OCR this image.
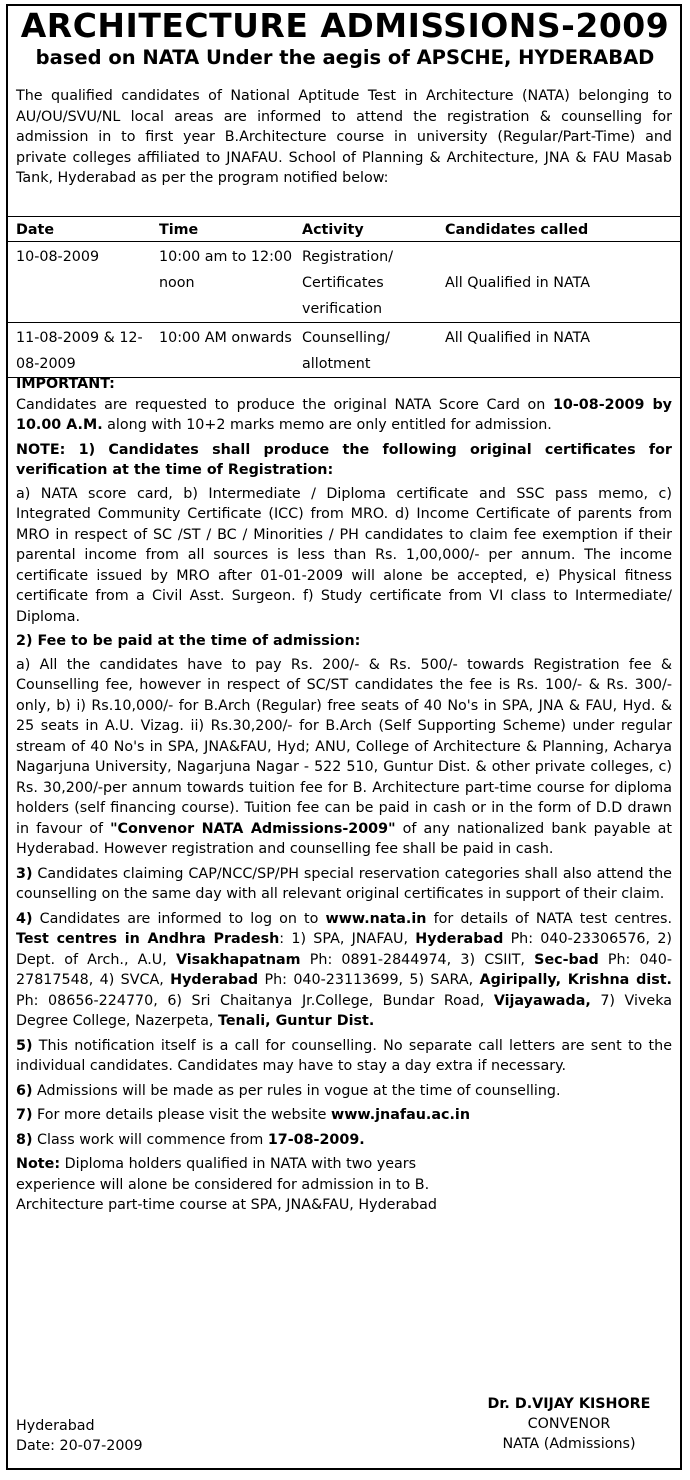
ARCHITECTURE ADMISSIONS-2009
based on NATA Under the aegis of APSCHE, HYDERABAD
The qualified candidates of National Aptitude Test in Architecture (NATA) belonging to AU/OU/SVU/NL local areas are informed to attend the registration & counselling for admission in to first year B.Architecture course in university (Regular/Part-Time) and private colleges affiliated to JNAFAU. School of Planning & Architecture, JNA & FAU Masab Tank, Hyderabad as per the program notified below:
Date	Time	Activity	Candidates called
10-08-2009	10:00 am to 12:00 noon	Registration/ Certificates verification	All Qualified in NATA
11-08-2009 & 12-08-2009	10:00 AM onwards	Counselling/ allotment	All Qualified in NATA

IMPORTANT:

Candidates are requested to produce the original NATA Score Card on 10-08-2009 by 10.00 A.M. along with 10+2 marks memo are only entitled for admission.

NOTE: 1) Candidates shall produce the following original certificates for verification at the time of Registration:

a) NATA score card, b) Intermediate / Diploma certificate and SSC pass memo, c) Integrated Community Certificate (ICC) from MRO. d) Income Certificate of parents from MRO in respect of SC /ST / BC / Minorities / PH candidates to claim fee exemption if their parental income from all sources is less than Rs. 1,00,000/- per annum. The income certificate issued by MRO after 01-01-2009 will alone be accepted, e) Physical fitness certificate from a Civil Asst. Surgeon. f) Study certificate from VI class to Intermediate/ Diploma.

2) Fee to be paid at the time of admission:

a) All the candidates have to pay Rs. 200/- & Rs. 500/- towards Registration fee & Counselling fee, however in respect of SC/ST candidates the fee is Rs. 100/- & Rs. 300/- only, b) i) Rs.10,000/- for B.Arch (Regular) free seats of 40 No's in SPA, JNA & FAU, Hyd. & 25 seats in A.U. Vizag. ii) Rs.30,200/- for B.Arch (Self Supporting Scheme) under regular stream of 40 No's in SPA, JNA&FAU, Hyd; ANU, College of Architecture & Planning, Acharya Nagarjuna University, Nagarjuna Nagar - 522 510, Guntur Dist. & other private colleges, c) Rs. 30,200/-per annum towards tuition fee for B. Architecture part-time course for diploma holders (self financing course). Tuition fee can be paid in cash or in the form of D.D drawn in favour of "Convenor NATA Admissions-2009" of any nationalized bank payable at Hyderabad. However registration and counselling fee shall be paid in cash.

3) Candidates claiming CAP/NCC/SP/PH special reservation categories shall also attend the counselling on the same day with all relevant original certificates in support of their claim.

4) Candidates are informed to log on to www.nata.in for details of NATA test centres. Test centres in Andhra Pradesh: 1) SPA, JNAFAU, Hyderabad Ph: 040-23306576, 2) Dept. of Arch., A.U, Visakhapatnam Ph: 0891-2844974, 3) CSIIT, Sec-bad Ph: 040-27817548, 4) SVCA, Hyderabad Ph: 040-23113699, 5) SARA, Agiripally, Krishna dist. Ph: 08656-224770, 6) Sri Chaitanya Jr.College, Bundar Road, Vijayawada, 7) Viveka Degree College, Nazerpeta, Tenali, Guntur Dist.

5) This notification itself is a call for counselling. No separate call letters are sent to the individual candidates. Candidates may have to stay a day extra if necessary.

6) Admissions will be made as per rules in vogue at the time of counselling.

7) For more details please visit the website www.jnafau.ac.in

8) Class work will commence from 17-08-2009.

Note: Diploma holders qualified in NATA with two years experience will alone be considered for admission in to B. Architecture part-time course at SPA, JNA&FAU, Hyderabad

Hyderabad
Date: 20-07-2009
Dr. D.VIJAY KISHORE
CONVENOR
NATA (Admissions)
